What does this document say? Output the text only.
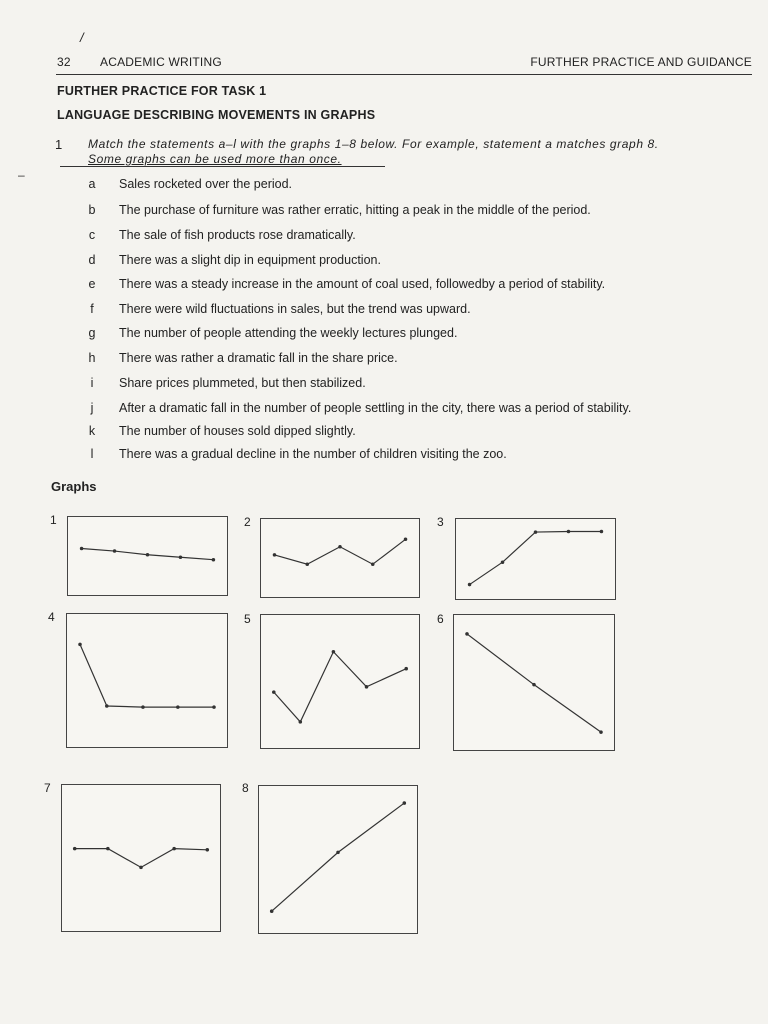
/
32 ACADEMIC WRITING	FURTHER PRACTICE AND GUIDANCE
FURTHER PRACTICE FOR TASK 1
LANGUAGE DESCRIBING MOVEMENTS IN GRAPHS
1 Match the statements a–l with the graphs 1–8 below. For example, statement a matches graph 8.
Some graphs can be used more than once.
–
a	Sales rocketed over the period.
b	The purchase of furniture was rather erratic, hitting a peak in the middle of the period.
c	The sale of fish products rose dramatically.
d	There was a slight dip in equipment production.
e	There was a steady increase in the amount of coal used, followedby a period of stability.
f	There were wild fluctuations in sales, but the trend was upward.
g	The number of people attending the weekly lectures plunged.
h	There was rather a dramatic fall in the share price.
i	Share prices plummeted, but then stabilized.
j	After a dramatic fall in the number of people settling in the city, there was a period of stability.
k	The number of houses sold dipped slightly.
l	There was a gradual decline in the number of children visiting the zoo.
Graphs
1	2	3
4	5	6
7	8
